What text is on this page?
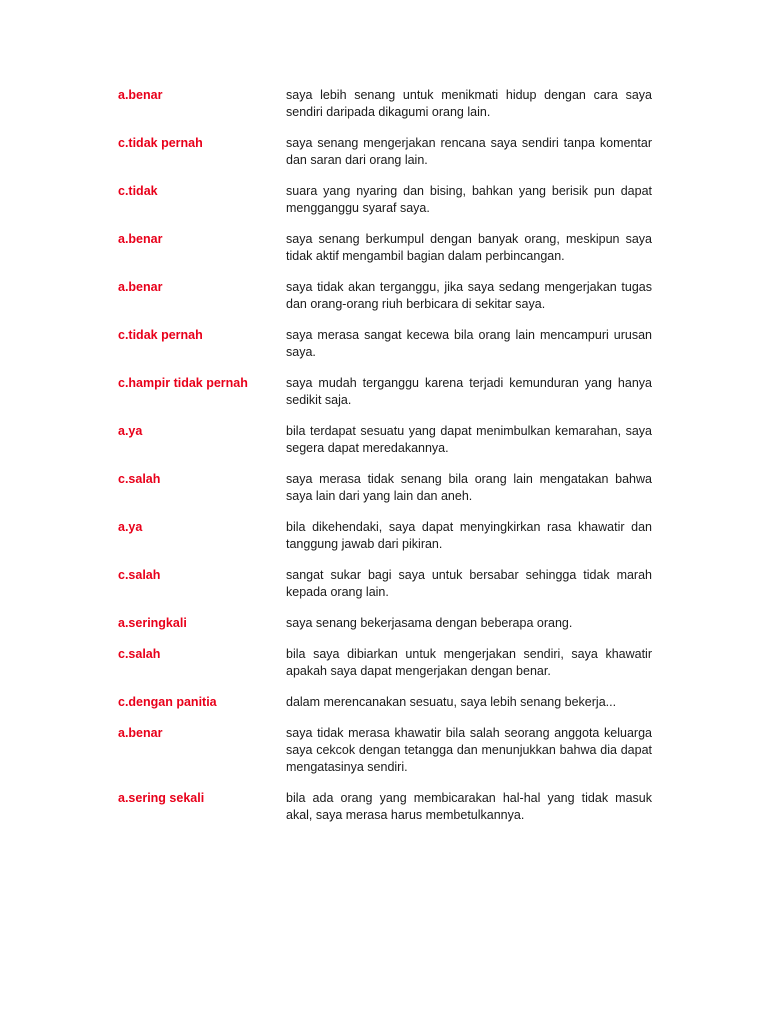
a.benar	saya lebih senang untuk menikmati hidup dengan cara saya sendiri daripada dikagumi orang lain.
c.tidak pernah	saya senang mengerjakan rencana saya sendiri tanpa komentar dan saran dari orang lain.
c.tidak	suara yang nyaring dan bising, bahkan yang berisik pun dapat mengganggu syaraf saya.
a.benar	saya senang berkumpul dengan banyak orang, meskipun saya tidak aktif mengambil bagian dalam perbincangan.
a.benar	saya tidak akan terganggu, jika saya sedang mengerjakan tugas dan orang-orang riuh berbicara di sekitar saya.
c.tidak pernah	saya merasa sangat kecewa bila orang lain mencampuri urusan saya.
c.hampir tidak pernah	saya mudah terganggu karena terjadi kemunduran yang hanya sedikit saja.
a.ya	bila terdapat sesuatu yang dapat menimbulkan kemarahan, saya segera dapat meredakannya.
c.salah	saya merasa tidak senang bila orang lain mengatakan bahwa saya lain dari yang lain dan aneh.
a.ya	bila dikehendaki, saya dapat menyingkirkan rasa khawatir dan tanggung jawab dari pikiran.
c.salah	sangat sukar bagi saya untuk bersabar sehingga tidak marah kepada orang lain.
a.seringkali	saya senang bekerjasama dengan beberapa orang.
c.salah	bila saya dibiarkan untuk mengerjakan sendiri, saya khawatir apakah saya dapat mengerjakan dengan benar.
c.dengan panitia	dalam merencanakan sesuatu, saya lebih senang bekerja...
a.benar	saya tidak merasa khawatir bila salah seorang anggota keluarga saya cekcok dengan tetangga dan menunjukkan bahwa dia dapat mengatasinya sendiri.
a.sering sekali	bila ada orang yang membicarakan hal-hal yang tidak masuk akal, saya merasa harus membetulkannya.
